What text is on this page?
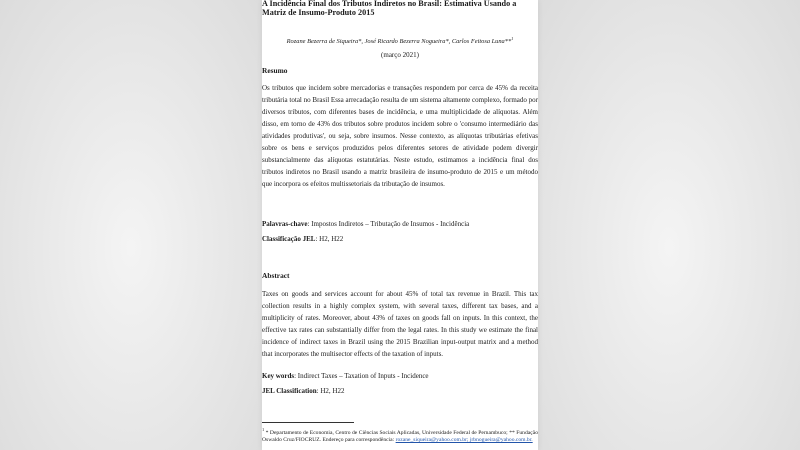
A Incidência Final dos Tributos Indiretos no Brasil: Estimativa Usando a Matriz de Insumo-Produto 2015
Rozane Bezerra de Siqueira*, José Ricardo Bezerra Nogueira*, Carlos Feitosa Luna**$^1$
(março 2021)
Resumo

Os tributos que incidem sobre mercadorias e transações respondem por cerca de 45% da receita tributária total no Brasil Essa arrecadação resulta de um sistema altamente complexo, formado por diversos tributos, com diferentes bases de incidência, e uma multiplicidade de alíquotas. Além disso, em torno de 43% dos tributos sobre produtos incidem sobre o 'consumo intermediário das atividades produtivas', ou seja, sobre insumos. Nesse contexto, as alíquotas tributárias efetivas sobre os bens e serviços produzidos pelos diferentes setores de atividade podem divergir substancialmente das alíquotas estatutárias. Neste estudo, estimamos a incidência final dos tributos indiretos no Brasil usando a matriz brasileira de insumo-produto de 2015 e um método que incorpora os efeitos multissetoriais da tributação de insumos.

Palavras-chave: Impostos Indiretos – Tributação de Insumos - Incidência
Classificação JEL: H2, H22
Abstract

Taxes on goods and services account for about 45% of total tax revenue in Brazil. This tax collection results in a highly complex system, with several taxes, different tax bases, and a multiplicity of rates. Moreover, about 43% of taxes on goods fall on inputs. In this context, the effective tax rates can substantially differ from the legal rates. In this study we estimate the final incidence of indirect taxes in Brazil using the 2015 Brazilian input-output matrix and a method that incorporates the multisector effects of the taxation of inputs.

Key words: Indirect Taxes – Taxation of Inputs - Incidence
JEL Classification: H2, H22
$^1$ * Departamento de Economia, Centro de Ciências Sociais Aplicadas, Universidade Federal de Pernambuco; ** Fundação Oswaldo Cruz/FIOCRUZ. Endereço para correspondência: rozane_siqueira@yahoo.com.br; jrbnogueira@yahoo.com.br.
